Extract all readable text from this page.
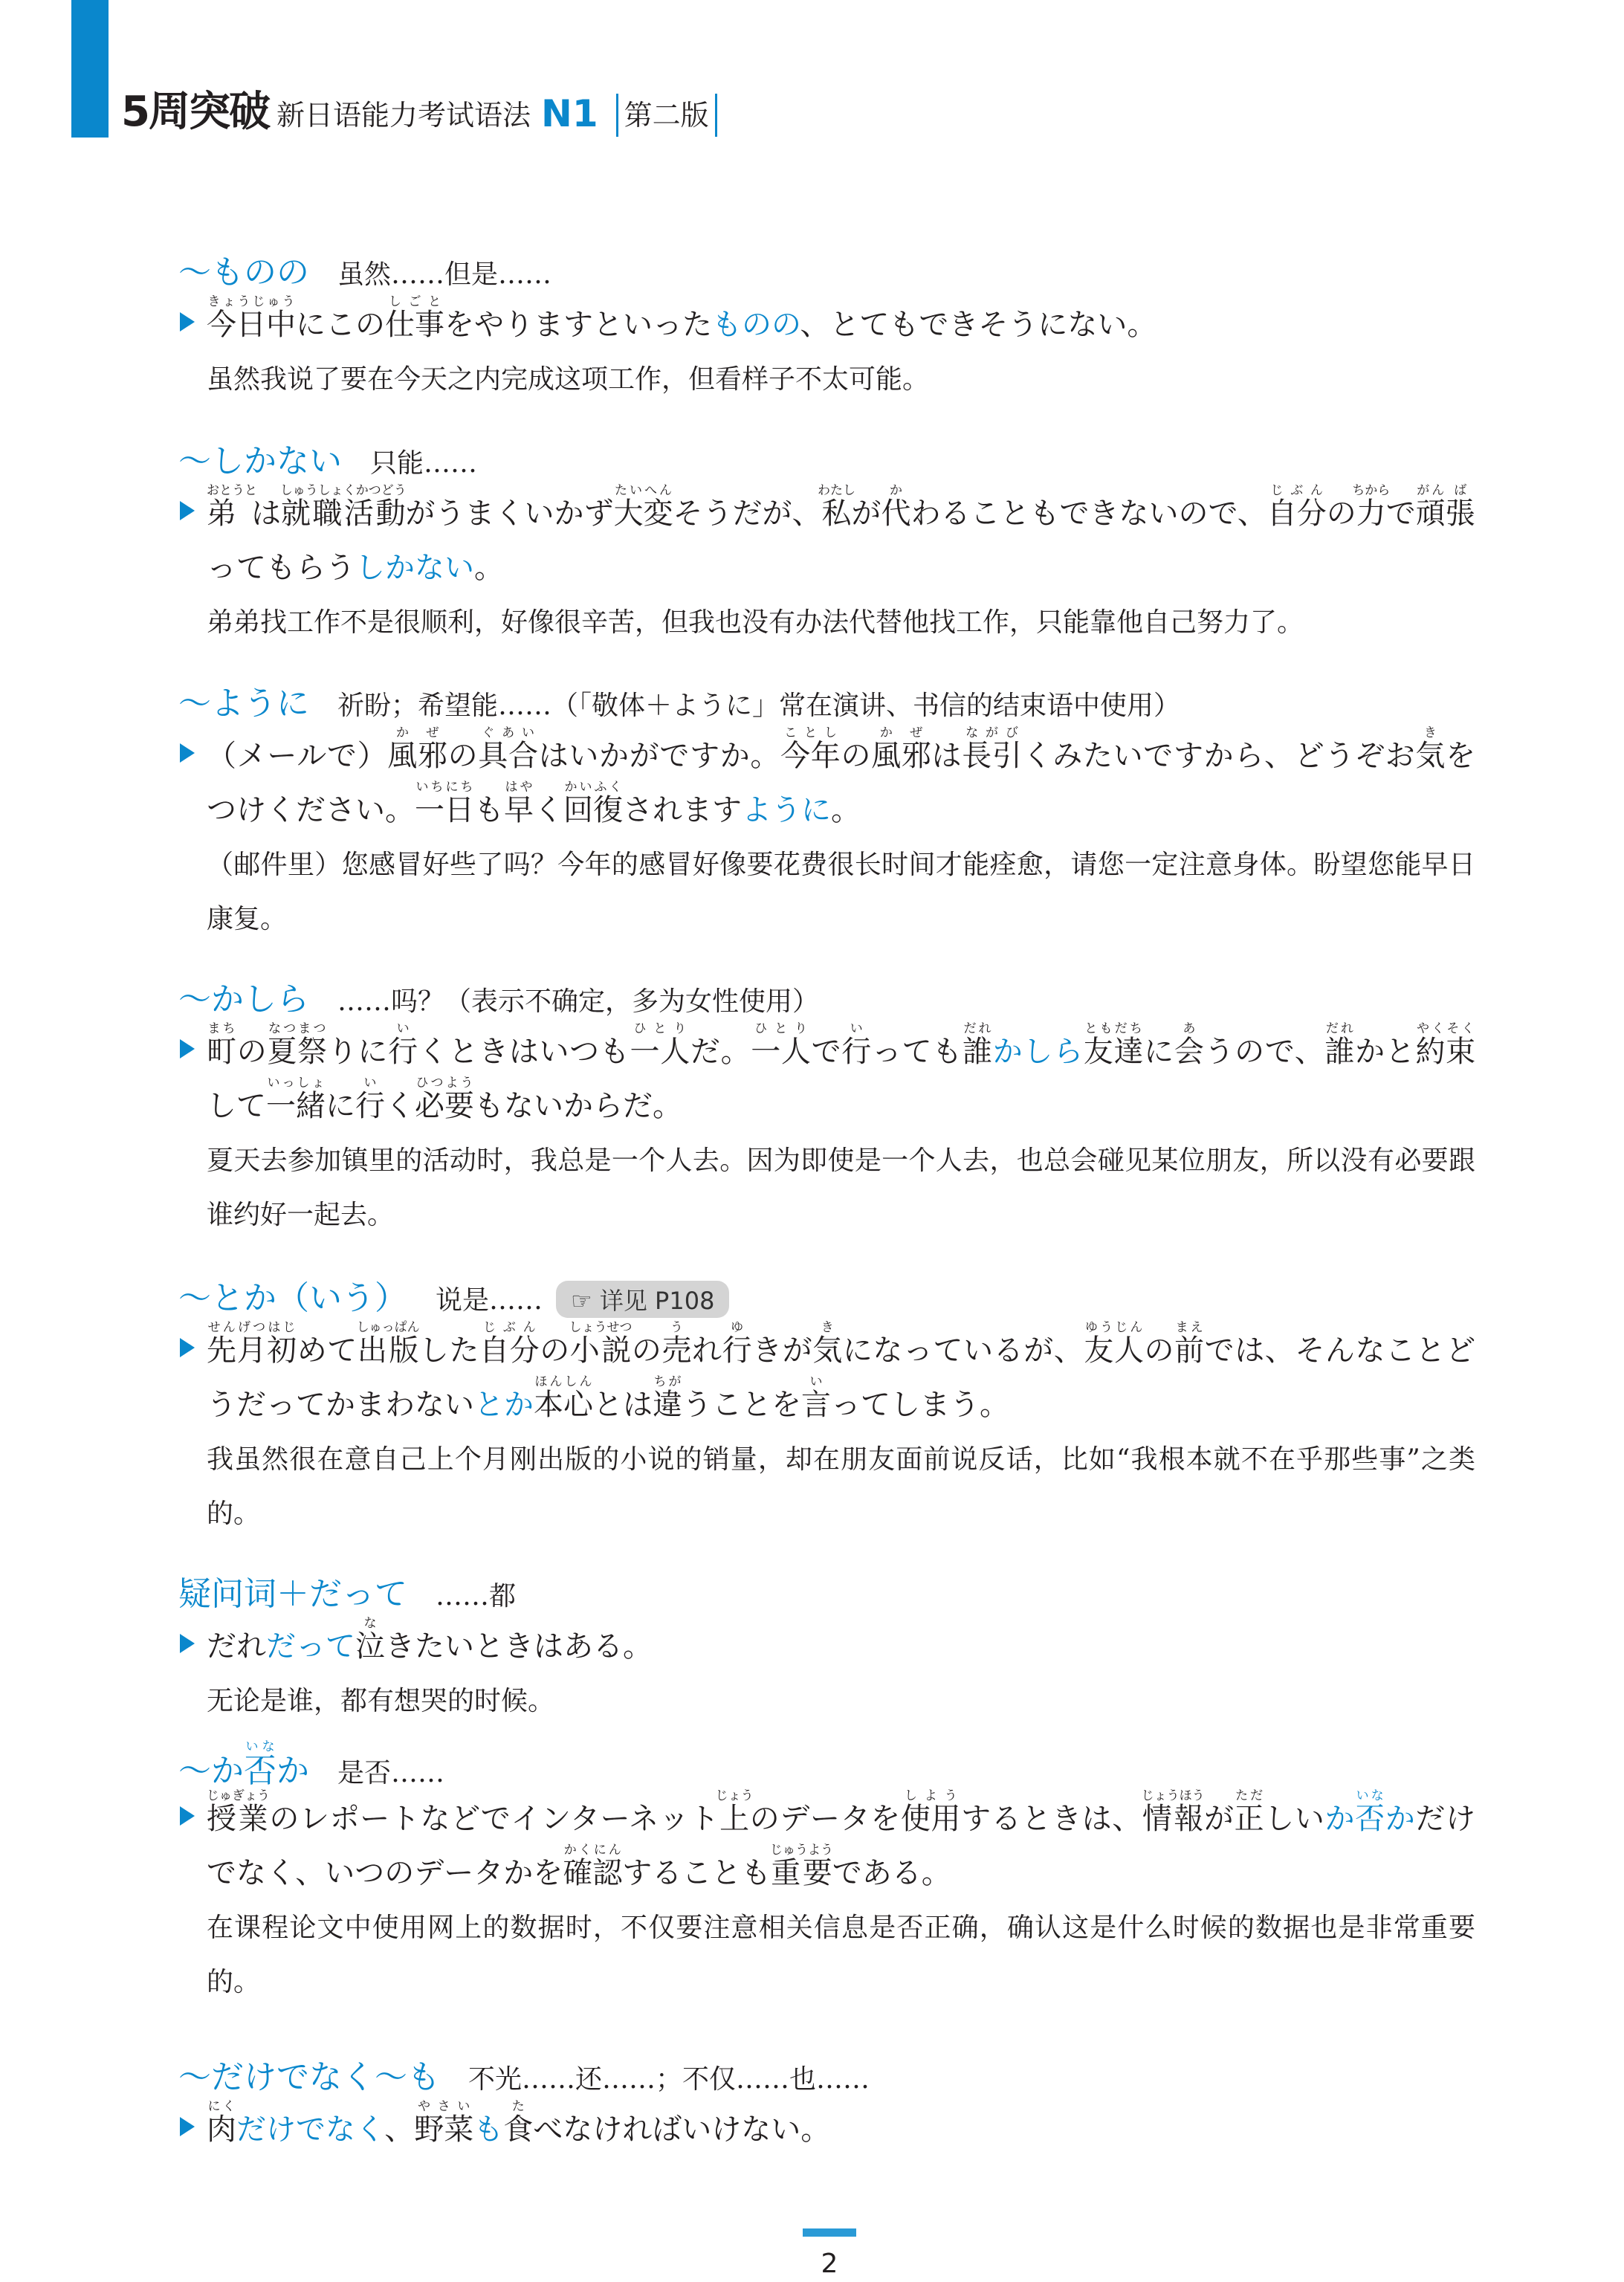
5周突破 新日语能力考试语法 N1 第二版
～ものの 虽然……但是……
今日中きょうじゅうにこの仕事しごとをやりますといったものの、とてもできそうにない。
虽然我说了要在今天之内完成这项工作，但看样子不太可能。
～しかない 只能……
弟おとうとは就職活動しゅうしょくかつどうがうまくいかず大変たいへんそうだが、私わたしが代かわることもできないので、自分じぶんの力ちからで頑がん張ばってもらうしかない。
弟弟找工作不是很顺利，好像很辛苦，但我也没有办法代替他找工作，只能靠他自己努力了。
～ように 祈盼；希望能……（「敬体＋ように」常在演讲、书信的结束语中使用）
（メールで）風邪かぜの具合ぐあいはいかがですか。今年ことしの風邪かぜは長引ながびくみたいですから、どうぞお気きをつけください。一日いちにちも早はやく回復かいふくされますように。
（邮件里）您感冒好些了吗？今年的感冒好像要花费很长时间才能痊愈，请您一定注意身体。盼望您能早日康复。
～かしら ……吗？（表示不确定，多为女性使用）
町まちの夏祭なつまつりに行いくときはいつも一人ひとりだ。一人ひとりで行いっても誰だれかしら友達ともだちに会あうので、誰だれかと約束やくそくして一緒いっしょに行いく必要ひつようもないからだ。
夏天去参加镇里的活动时，我总是一个人去。因为即使是一个人去，也总会碰见某位朋友，所以没有必要跟谁约好一起去。
～とか（いう） 说是……	☞ 详见 P108
先月初せんげつはじめて出版しゅっぱんした自分じぶんの小説しょうせつの売うれ行ゆきが気きになっているが、友人ゆうじんの前まえでは、そんなことどうだってかまわないとか本心ほんしんとは違ちがうことを言いってしまう。
我虽然很在意自己上个月刚出版的小说的销量，却在朋友面前说反话，比如“我根本就不在乎那些事”之类的。
疑问词＋だって ……都
だれだって泣なきたいときはある。
无论是谁，都有想哭的时候。
～か否いなか 是否……
授業じゅぎょうのレポートなどでインターネット上じょうのデータを使用しようするときは、情報じょうほうが正ただしいか否いなかだけでなく、いつのデータかを確認かくにんすることも重要じゅうようである。
在课程论文中使用网上的数据时，不仅要注意相关信息是否正确，确认这是什么时候的数据也是非常重要的。
～だけでなく～も 不光……还……；不仅……也……
肉にくだけでなく、野菜やさいも食たべなければいけない。
2
